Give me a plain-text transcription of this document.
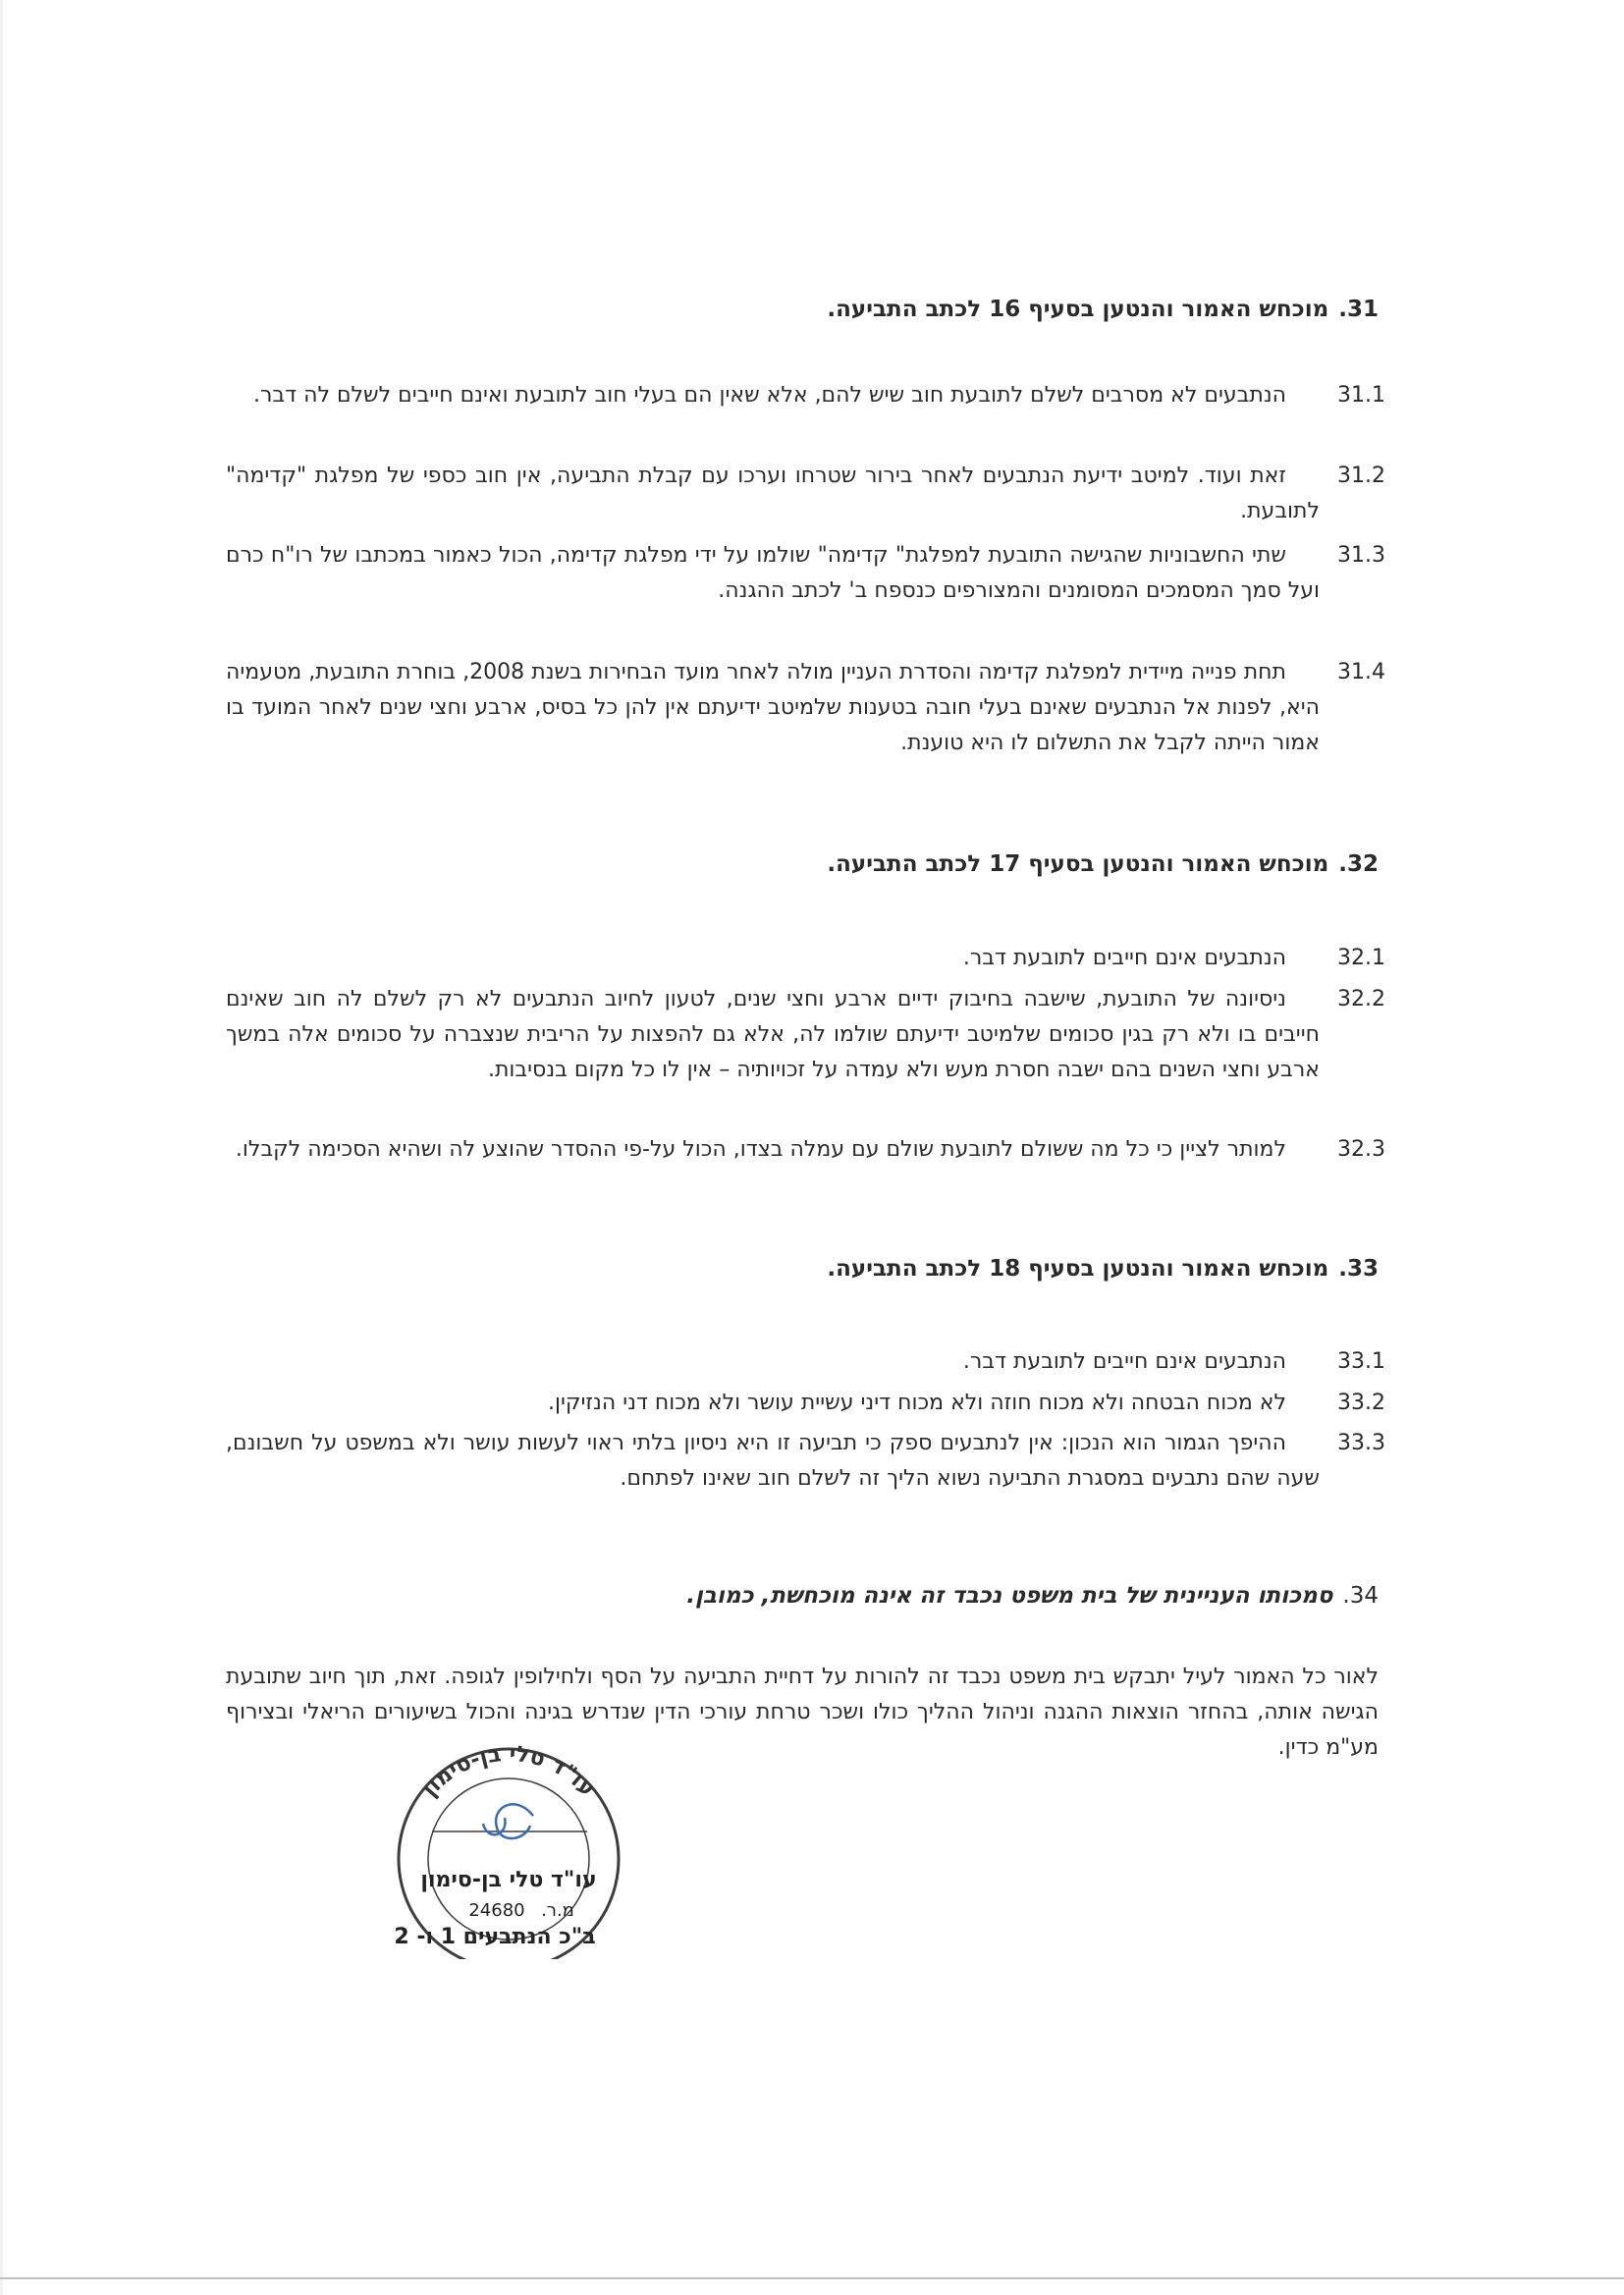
31.מוכחש האמור והנטען בסעיף 16 לכתב התביעה.
31.1
הנתבעים לא מסרבים לשלם לתובעת חוב שיש להם, אלא שאין הם בעלי חוב לתובעת ואינם חייבים לשלם לה דבר.
31.2
זאת ועוד. למיטב ידיעת הנתבעים לאחר בירור שטרחו וערכו עם קבלת התביעה, אין חוב כספי של מפלגת "קדימה" לתובעת.
31.3
שתי החשבוניות שהגישה התובעת למפלגת" קדימה" שולמו על ידי מפלגת קדימה, הכול כאמור במכתבו של רו"ח כרם ועל סמך המסמכים המסומנים והמצורפים כנספח ב' לכתב ההגנה.
31.4
תחת פנייה מיידית למפלגת קדימה והסדרת העניין מולה לאחר מועד הבחירות בשנת 2008, בוחרת התובעת, מטעמיה היא, לפנות אל הנתבעים שאינם בעלי חובה בטענות שלמיטב ידיעתם אין להן כל בסיס, ארבע וחצי שנים לאחר המועד בו אמור הייתה לקבל את התשלום לו היא טוענת.
32.מוכחש האמור והנטען בסעיף 17 לכתב התביעה.
32.1
הנתבעים אינם חייבים לתובעת דבר.
32.2
ניסיונה של התובעת, שישבה בחיבוק ידיים ארבע וחצי שנים, לטעון לחיוב הנתבעים לא רק לשלם לה חוב שאינם חייבים בו ולא רק בגין סכומים שלמיטב ידיעתם שולמו לה, אלא גם להפצות על הריבית שנצברה על סכומים אלה במשך ארבע וחצי השנים בהם ישבה חסרת מעש ולא עמדה על זכויותיה – אין לו כל מקום בנסיבות.
32.3
למותר לציין כי כל מה ששולם לתובעת שולם עם עמלה בצדו, הכול על-פי ההסדר שהוצע לה ושהיא הסכימה לקבלו.
33.מוכחש האמור והנטען בסעיף 18 לכתב התביעה.
33.1
הנתבעים אינם חייבים לתובעת דבר.
33.2
לא מכוח הבטחה ולא מכוח חוזה ולא מכוח דיני עשיית עושר ולא מכוח דני הנזיקין.
33.3
ההיפך הגמור הוא הנכון: אין לנתבעים ספק כי תביעה זו היא ניסיון בלתי ראוי לעשות עושר ולא במשפט על חשבונם, שעה שהם נתבעים במסגרת התביעה נשוא הליך זה לשלם חוב שאינו לפתחם.
34.סמכותו העניינית של בית משפט נכבד זה אינה מוכחשת, כמובן.
לאור כל האמור לעיל יתבקש בית משפט נכבד זה להורות על דחיית התביעה על הסף ולחילופין לגופה. זאת, תוך חיוב שתובעת הגישה אותה, בהחזר הוצאות ההגנה וניהול ההליך כולו ושכר טרחת עורכי הדין שנדרש בגינה והכול בשיעורים הריאלי ובצירוף מע"מ כדין.
עו"ד טלי בן-סימון
עו"ד טלי בן-סימון
מ.ר.
24680
ב"כ הנתבעים 1 ו- 2
